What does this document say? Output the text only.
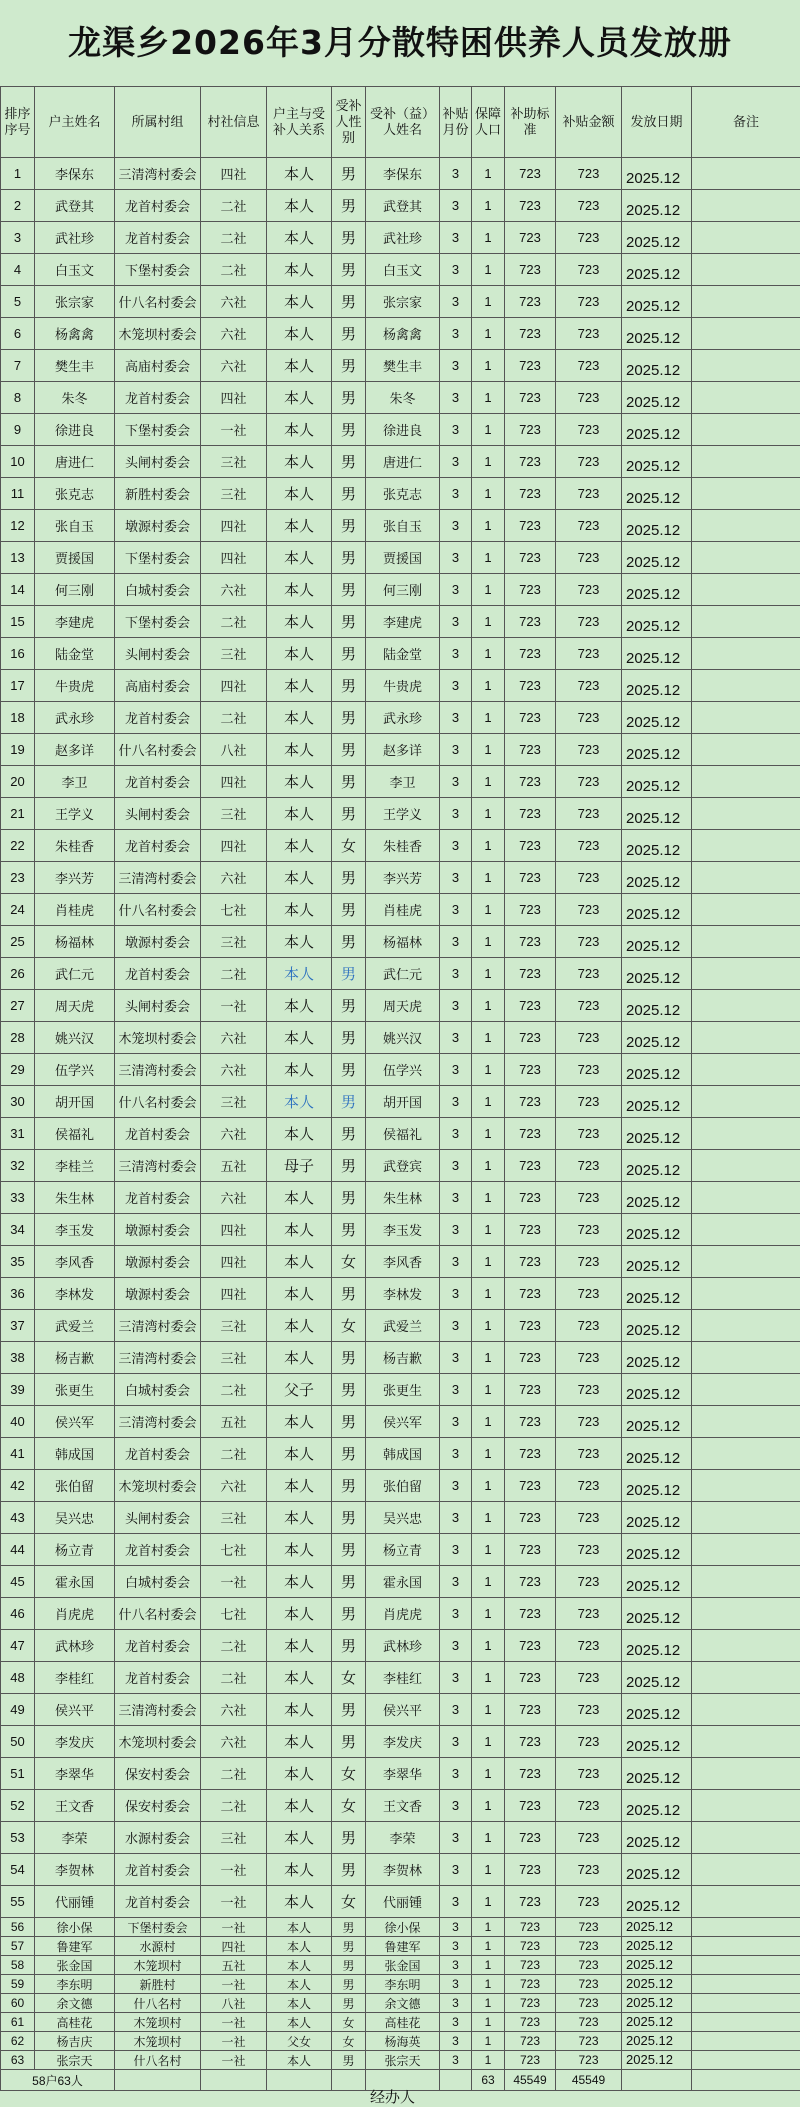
龙渠乡2026年3月分散特困供养人员发放册
排序序号	户主姓名	所属村组	村社信息	户主与受补人关系	受补人性别	受补（益）人姓名	补贴月份	保障人口	补助标准	补贴金额	发放日期	备注
1	李保东	三清湾村委会	四社	本人	男	李保东	3	1	723	723	2025.12	
2	武登其	龙首村委会	二社	本人	男	武登其	3	1	723	723	2025.12	
3	武社珍	龙首村委会	二社	本人	男	武社珍	3	1	723	723	2025.12	
4	白玉文	下堡村委会	二社	本人	男	白玉文	3	1	723	723	2025.12	
5	张宗家	什八名村委会	六社	本人	男	张宗家	3	1	723	723	2025.12	
6	杨禽禽	木笼坝村委会	六社	本人	男	杨禽禽	3	1	723	723	2025.12	
7	樊生丰	高庙村委会	六社	本人	男	樊生丰	3	1	723	723	2025.12	
8	朱冬	龙首村委会	四社	本人	男	朱冬	3	1	723	723	2025.12	
9	徐进良	下堡村委会	一社	本人	男	徐进良	3	1	723	723	2025.12	
10	唐进仁	头闸村委会	三社	本人	男	唐进仁	3	1	723	723	2025.12	
11	张克志	新胜村委会	三社	本人	男	张克志	3	1	723	723	2025.12	
12	张自玉	墩源村委会	四社	本人	男	张自玉	3	1	723	723	2025.12	
13	贾援国	下堡村委会	四社	本人	男	贾援国	3	1	723	723	2025.12	
14	何三刚	白城村委会	六社	本人	男	何三刚	3	1	723	723	2025.12	
15	李建虎	下堡村委会	二社	本人	男	李建虎	3	1	723	723	2025.12	
16	陆金堂	头闸村委会	三社	本人	男	陆金堂	3	1	723	723	2025.12	
17	牛贵虎	高庙村委会	四社	本人	男	牛贵虎	3	1	723	723	2025.12	
18	武永珍	龙首村委会	二社	本人	男	武永珍	3	1	723	723	2025.12	
19	赵多详	什八名村委会	八社	本人	男	赵多详	3	1	723	723	2025.12	
20	李卫	龙首村委会	四社	本人	男	李卫	3	1	723	723	2025.12	
21	王学义	头闸村委会	三社	本人	男	王学义	3	1	723	723	2025.12	
22	朱桂香	龙首村委会	四社	本人	女	朱桂香	3	1	723	723	2025.12	
23	李兴芳	三清湾村委会	六社	本人	男	李兴芳	3	1	723	723	2025.12	
24	肖桂虎	什八名村委会	七社	本人	男	肖桂虎	3	1	723	723	2025.12	
25	杨福林	墩源村委会	三社	本人	男	杨福林	3	1	723	723	2025.12	
26	武仁元	龙首村委会	二社	本人	男	武仁元	3	1	723	723	2025.12	
27	周天虎	头闸村委会	一社	本人	男	周天虎	3	1	723	723	2025.12	
28	姚兴汉	木笼坝村委会	六社	本人	男	姚兴汉	3	1	723	723	2025.12	
29	伍学兴	三清湾村委会	六社	本人	男	伍学兴	3	1	723	723	2025.12	
30	胡开国	什八名村委会	三社	本人	男	胡开国	3	1	723	723	2025.12	
31	侯福礼	龙首村委会	六社	本人	男	侯福礼	3	1	723	723	2025.12	
32	李桂兰	三清湾村委会	五社	母子	男	武登宾	3	1	723	723	2025.12	
33	朱生林	龙首村委会	六社	本人	男	朱生林	3	1	723	723	2025.12	
34	李玉发	墩源村委会	四社	本人	男	李玉发	3	1	723	723	2025.12	
35	李风香	墩源村委会	四社	本人	女	李风香	3	1	723	723	2025.12	
36	李林发	墩源村委会	四社	本人	男	李林发	3	1	723	723	2025.12	
37	武爱兰	三清湾村委会	三社	本人	女	武爱兰	3	1	723	723	2025.12	
38	杨吉歉	三清湾村委会	三社	本人	男	杨吉歉	3	1	723	723	2025.12	
39	张更生	白城村委会	二社	父子	男	张更生	3	1	723	723	2025.12	
40	侯兴军	三清湾村委会	五社	本人	男	侯兴军	3	1	723	723	2025.12	
41	韩成国	龙首村委会	二社	本人	男	韩成国	3	1	723	723	2025.12	
42	张伯留	木笼坝村委会	六社	本人	男	张伯留	3	1	723	723	2025.12	
43	吴兴忠	头闸村委会	三社	本人	男	吴兴忠	3	1	723	723	2025.12	
44	杨立青	龙首村委会	七社	本人	男	杨立青	3	1	723	723	2025.12	
45	霍永国	白城村委会	一社	本人	男	霍永国	3	1	723	723	2025.12	
46	肖虎虎	什八名村委会	七社	本人	男	肖虎虎	3	1	723	723	2025.12	
47	武林珍	龙首村委会	二社	本人	男	武林珍	3	1	723	723	2025.12	
48	李桂红	龙首村委会	二社	本人	女	李桂红	3	1	723	723	2025.12	
49	侯兴平	三清湾村委会	六社	本人	男	侯兴平	3	1	723	723	2025.12	
50	李发庆	木笼坝村委会	六社	本人	男	李发庆	3	1	723	723	2025.12	
51	李翠华	保安村委会	二社	本人	女	李翠华	3	1	723	723	2025.12	
52	王文香	保安村委会	二社	本人	女	王文香	3	1	723	723	2025.12	
53	李荣	水源村委会	三社	本人	男	李荣	3	1	723	723	2025.12	
54	李贺林	龙首村委会	一社	本人	男	李贺林	3	1	723	723	2025.12	
55	代丽锺	龙首村委会	一社	本人	女	代丽锺	3	1	723	723	2025.12	
56	徐小保	下堡村委会	一社	本人	男	徐小保	3	1	723	723	2025.12	
57	鲁建军	水源村	四社	本人	男	鲁建军	3	1	723	723	2025.12	
58	张金国	木笼坝村	五社	本人	男	张金国	3	1	723	723	2025.12	
59	李东明	新胜村	一社	本人	男	李东明	3	1	723	723	2025.12	
60	余文德	什八名村	八社	本人	男	余文德	3	1	723	723	2025.12	
61	高桂花	木笼坝村	一社	本人	女	高桂花	3	1	723	723	2025.12	
62	杨吉庆	木笼坝村	一社	父女	女	杨海英	3	1	723	723	2025.12	
63	张宗天	什八名村	一社	本人	男	张宗天	3	1	723	723	2025.12	
58户63人								63	45549	45549		
经办人
